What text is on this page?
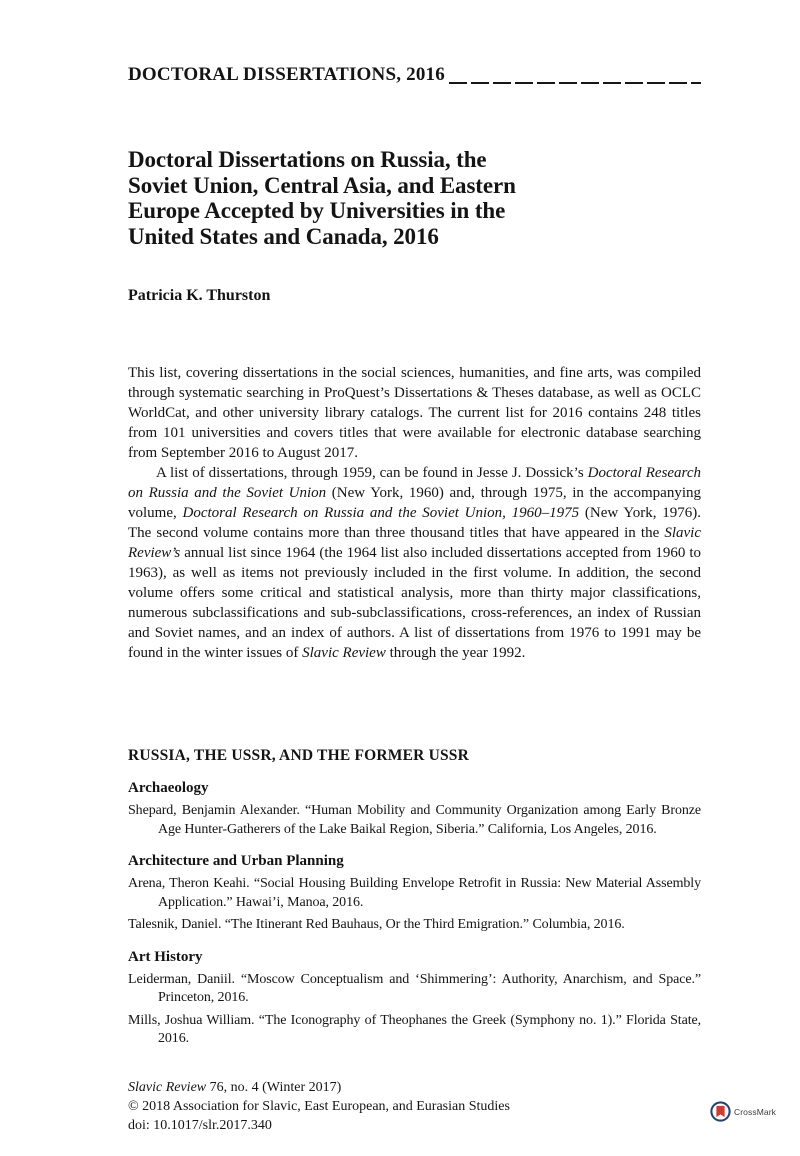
DOCTORAL DISSERTATIONS, 2016
Doctoral Dissertations on Russia, the
Soviet Union, Central Asia, and Eastern
Europe Accepted by Universities in the
United States and Canada, 2016
Patricia K. Thurston

This list, covering dissertations in the social sciences, humanities, and fine arts, was compiled through systematic searching in ProQuest’s Dissertations & Theses database, as well as OCLC WorldCat, and other university library catalogs. The current list for 2016 contains 248 titles from 101 universities and covers titles that were available for electronic database searching from September 2016 to August 2017.

A list of dissertations, through 1959, can be found in Jesse J. Dossick’s Doctoral Research on Russia and the Soviet Union (New York, 1960) and, through 1975, in the accompanying volume, Doctoral Research on Russia and the Soviet Union, 1960–1975 (New York, 1976). The second volume contains more than three thousand titles that have appeared in the Slavic Review’s annual list since 1964 (the 1964 list also included dissertations accepted from 1960 to 1963), as well as items not previously included in the first volume. In addition, the second volume offers some critical and statistical analysis, more than thirty major classifications, numerous subclassifications and sub-subclassifications, cross-references, an index of Russian and Soviet names, and an index of authors. A list of dissertations from 1976 to 1991 may be found in the winter issues of Slavic Review through the year 1992.

RUSSIA, THE USSR, AND THE FORMER USSR
Archaeology

Shepard, Benjamin Alexander. “Human Mobility and Community Organization among Early Bronze Age Hunter-Gatherers of the Lake Baikal Region, Siberia.” California, Los Angeles, 2016.

Architecture and Urban Planning

Arena, Theron Keahi. “Social Housing Building Envelope Retrofit in Russia: New Material Assembly Application.” Hawai’i, Manoa, 2016.

Talesnik, Daniel. “The Itinerant Red Bauhaus, Or the Third Emigration.” Columbia, 2016.

Art History

Leiderman, Daniil. “Moscow Conceptualism and ‘Shimmering’: Authority, Anarchism, and Space.” Princeton, 2016.

Mills, Joshua William. “The Iconography of Theophanes the Greek (Symphony no. 1).” Florida State, 2016.

Slavic Review 76, no. 4 (Winter 2017)
© 2018 Association for Slavic, East European, and Eurasian Studies
doi: 10.1017/slr.2017.340
CrossMark
